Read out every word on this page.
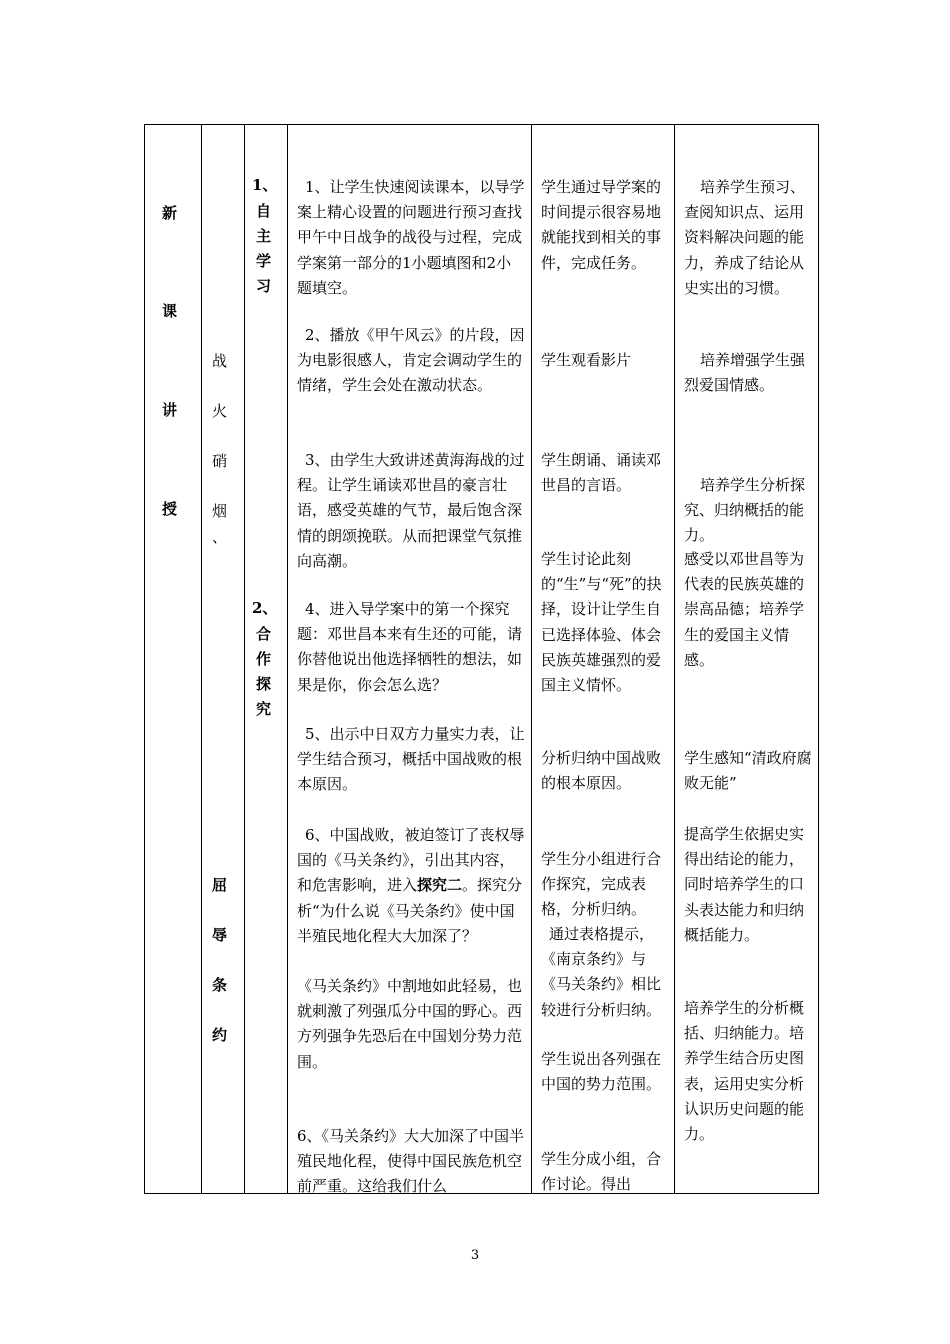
新
课
讲
授
战
火
硝
烟
、
屈
辱
条
约
1、
自
主
学
习
2、
合
作
探
究
1、让学生快速阅读课本，以导学案上精心设置的问题进行预习查找甲午中日战争的战役与过程，完成学案第一部分的1小题填图和2小题填空。
2、播放《甲午风云》的片段，因为电影很感人，肯定会调动学生的情绪，学生会处在激动状态。
3、由学生大致讲述黄海海战的过程。让学生诵读邓世昌的豪言壮语，感受英雄的气节，最后饱含深情的朗颂挽联。从而把课堂气氛推向高潮。
4、进入导学案中的第一个探究题：邓世昌本来有生还的可能，请你替他说出他选择牺牲的想法，如果是你，你会怎么选？
5、出示中日双方力量实力表，让学生结合预习，概括中国战败的根本原因。
6、中国战败，被迫签订了丧权辱国的《马关条约》，引出其内容，和危害影响，进入探究二。探究分析“为什么说《马关条约》使中国半殖民地化程大大加深了？
《马关条约》中割地如此轻易，也就刺激了列强瓜分中国的野心。西方列强争先恐后在中国划分势力范围。
6、《马关条约》大大加深了中国半殖民地化程，使得中国民族危机空前严重。这给我们什么
学生通过导学案的时间提示很容易地就能找到相关的事件，完成任务。
学生观看影片
学生朗诵、诵读邓世昌的言语。
学生讨论此刻的“生”与“死”的抉择，设计让学生自已选择体验、体会民族英雄强烈的爱国主义情怀。
分析归纳中国战败的根本原因。
学生分小组进行合作探究，完成表格，分析归纳。
通过表格提示，《南京条约》与《马关条约》相比较进行分析归纳。
学生说出各列强在中国的势力范围。
学生分成小组，合作讨论。得出
培养学生预习、查阅知识点、运用资料解决问题的能力，养成了结论从史实出的习惯。
培养增强学生强烈爱国情感。
培养学生分析探究、归纳概括的能力。
感受以邓世昌等为代表的民族英雄的崇高品德；培养学生的爱国主义情感。
学生感知“清政府腐败无能”
提高学生依据史实得出结论的能力，同时培养学生的口头表达能力和归纳概括能力。
培养学生的分析概括、归纳能力。培养学生结合历史图表，运用史实分析认识历史问题的能力。
3
